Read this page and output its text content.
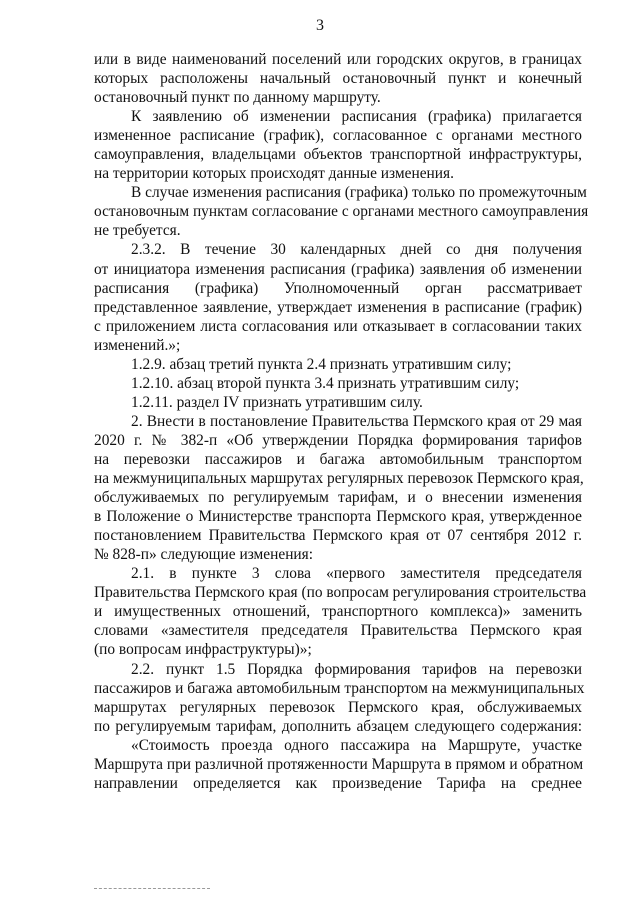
3
или в виде наименований поселений или городских округов, в границах
которых расположены начальный остановочный пункт и конечный
остановочный пункт по данному маршруту.
К заявлению об изменении расписания (графика) прилагается
измененное расписание (график), согласованное с органами местного
самоуправления, владельцами объектов транспортной инфраструктуры,
на территории которых происходят данные изменения.
В случае изменения расписания (графика) только по промежуточным
остановочным пунктам согласование с органами местного самоуправления
не требуется.
2.3.2. В течение 30 календарных дней со дня получения
от инициатора изменения расписания (графика) заявления об изменении
расписания (графика) Уполномоченный орган рассматривает
представленное заявление, утверждает изменения в расписание (график)
с приложением листа согласования или отказывает в согласовании таких
изменений.»;
1.2.9. абзац третий пункта 2.4 признать утратившим силу;
1.2.10. абзац второй пункта 3.4 признать утратившим силу;
1.2.11. раздел IV признать утратившим силу.
2. Внести в постановление Правительства Пермского края от 29 мая
2020 г. № 382-п «Об утверждении Порядка формирования тарифов
на перевозки пассажиров и багажа автомобильным транспортом
на межмуниципальных маршрутах регулярных перевозок Пермского края,
обслуживаемых по регулируемым тарифам, и о внесении изменения
в Положение о Министерстве транспорта Пермского края, утвержденное
постановлением Правительства Пермского края от 07 сентября 2012 г.
№ 828-п» следующие изменения:
2.1. в пункте 3 слова «первого заместителя председателя
Правительства Пермского края (по вопросам регулирования строительства
и имущественных отношений, транспортного комплекса)» заменить
словами «заместителя председателя Правительства Пермского края
(по вопросам инфраструктуры)»;
2.2. пункт 1.5 Порядка формирования тарифов на перевозки
пассажиров и багажа автомобильным транспортом на межмуниципальных
маршрутах регулярных перевозок Пермского края, обслуживаемых
по регулируемым тарифам, дополнить абзацем следующего содержания:
«Стоимость проезда одного пассажира на Маршруте, участке
Маршрута при различной протяженности Маршрута в прямом и обратном
направлении определяется как произведение Тарифа на среднее
